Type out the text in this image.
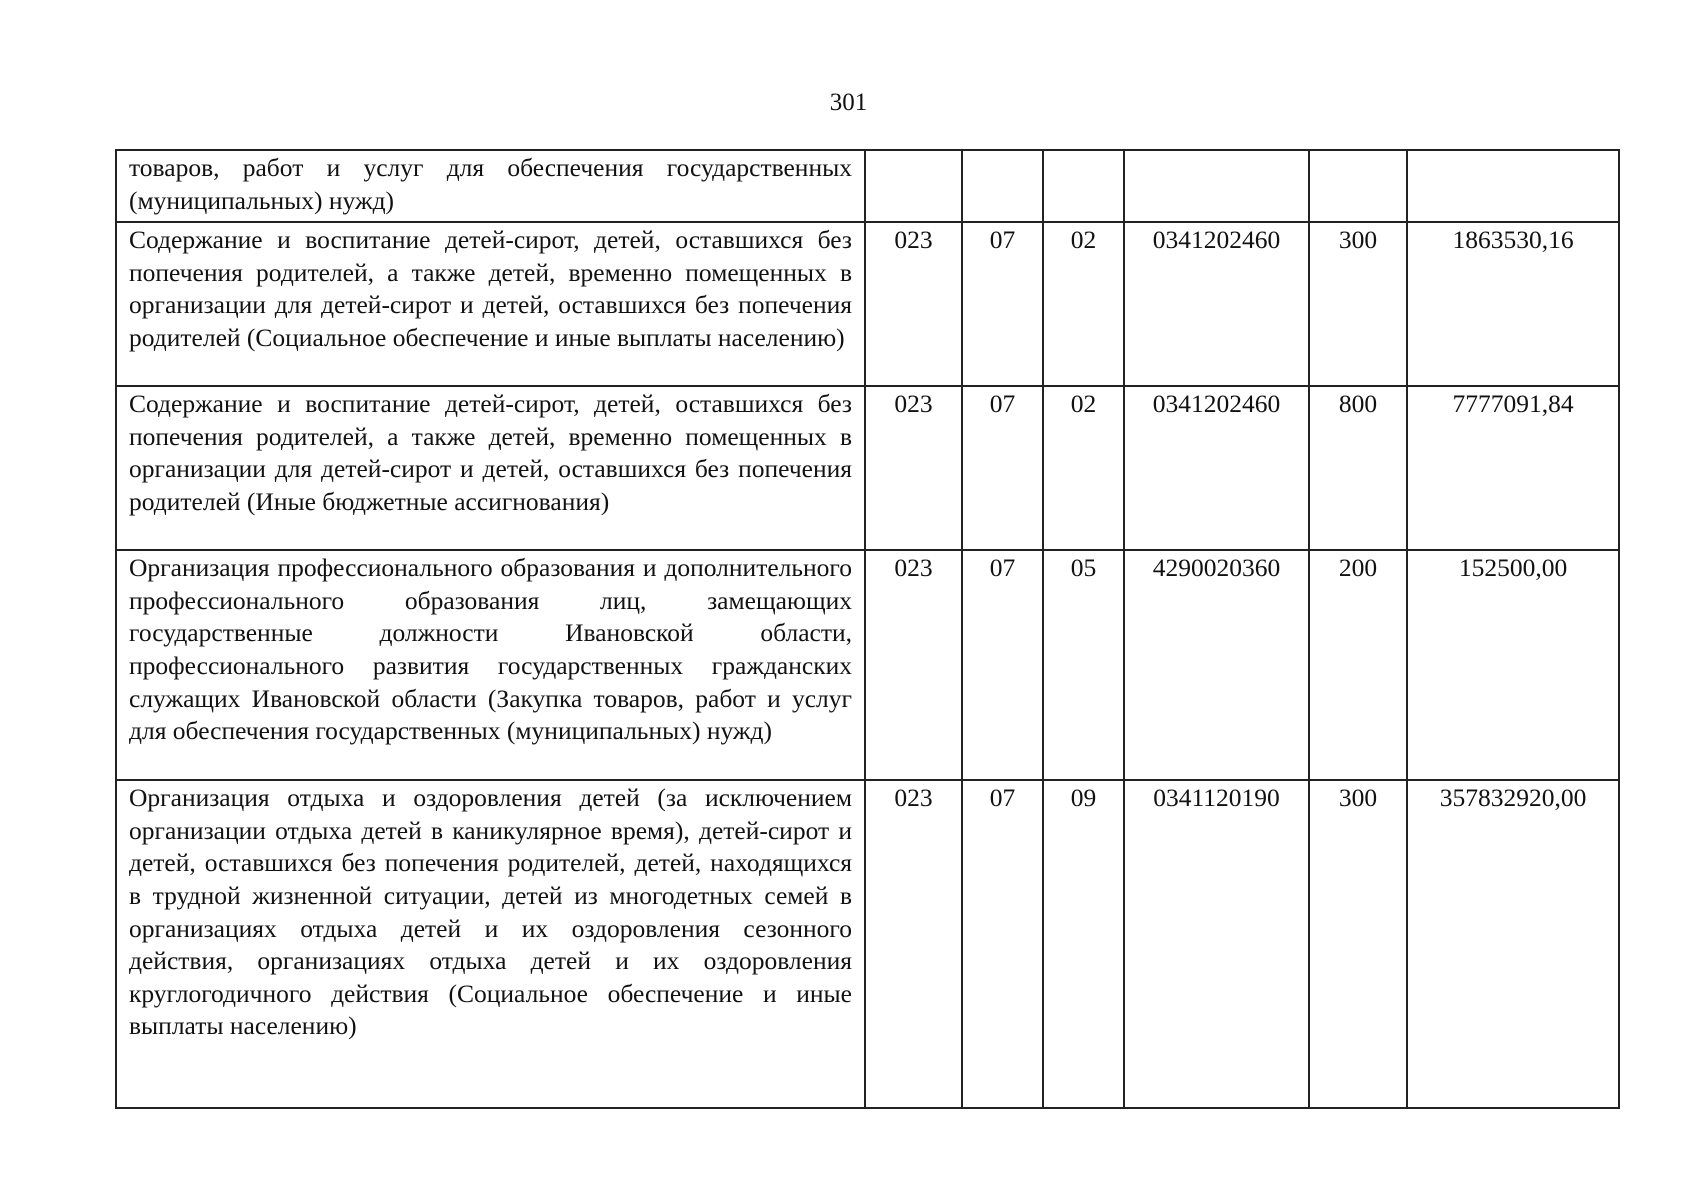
301
товаров, работ и услуг для обеспечения государственных (муниципальных) нужд)						
Содержание и воспитание детей-сирот, детей, оставшихся без попечения родителей, а также детей, временно помещенных в организации для детей-сирот и детей, оставшихся без попечения родителей (Социальное обеспечение и иные выплаты населению)	023	07	02	0341202460	300	1863530,16
Содержание и воспитание детей-сирот, детей, оставшихся без попечения родителей, а также детей, временно помещенных в организации для детей-сирот и детей, оставшихся без попечения родителей (Иные бюджетные ассигнования)	023	07	02	0341202460	800	7777091,84
Организация профессионального образования и дополнительного профессионального образования лиц, замещающих государственные должности Ивановской области, профессионального развития государственных гражданских служащих Ивановской области (Закупка товаров, работ и услуг для обеспечения государственных (муниципальных) нужд)	023	07	05	4290020360	200	152500,00
Организация отдыха и оздоровления детей (за исключением организации отдыха детей в каникулярное время), детей-сирот и детей, оставшихся без попечения родителей, детей, находящихся в трудной жизненной ситуации, детей из многодетных семей в организациях отдыха детей и их оздоровления сезонного действия, организациях отдыха детей и их оздоровления круглогодичного действия (Социальное обеспечение и иные выплаты населению)	023	07	09	0341120190	300	357832920,00
